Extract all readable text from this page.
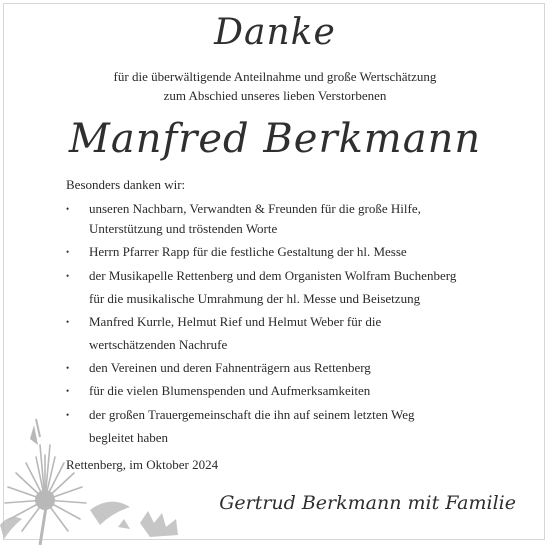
Danke
für die überwältigende Anteilnahme und große Wertschätzung
zum Abschied unseres lieben Verstorbenen
Manfred Berkmann
Besonders danken wir:
•	unseren Nachbarn, Verwandten & Freunden für die große Hilfe,
Unterstützung und tröstenden Worte
•	Herrn Pfarrer Rapp für die festliche Gestaltung der hl. Messe
•	der Musikapelle Rettenberg und dem Organisten Wolfram Buchenberg
für die musikalische Umrahmung der hl. Messe und Beisetzung
•	Manfred Kurrle, Helmut Rief und Helmut Weber für die
wertschätzenden Nachrufe
•	den Vereinen und deren Fahnenträgern aus Rettenberg
•	für die vielen Blumenspenden und Aufmerksamkeiten
•	der großen Trauergemeinschaft die ihn auf seinem letzten Weg
begleitet haben
Rettenberg, im Oktober 2024
Gertrud Berkmann mit Familie
